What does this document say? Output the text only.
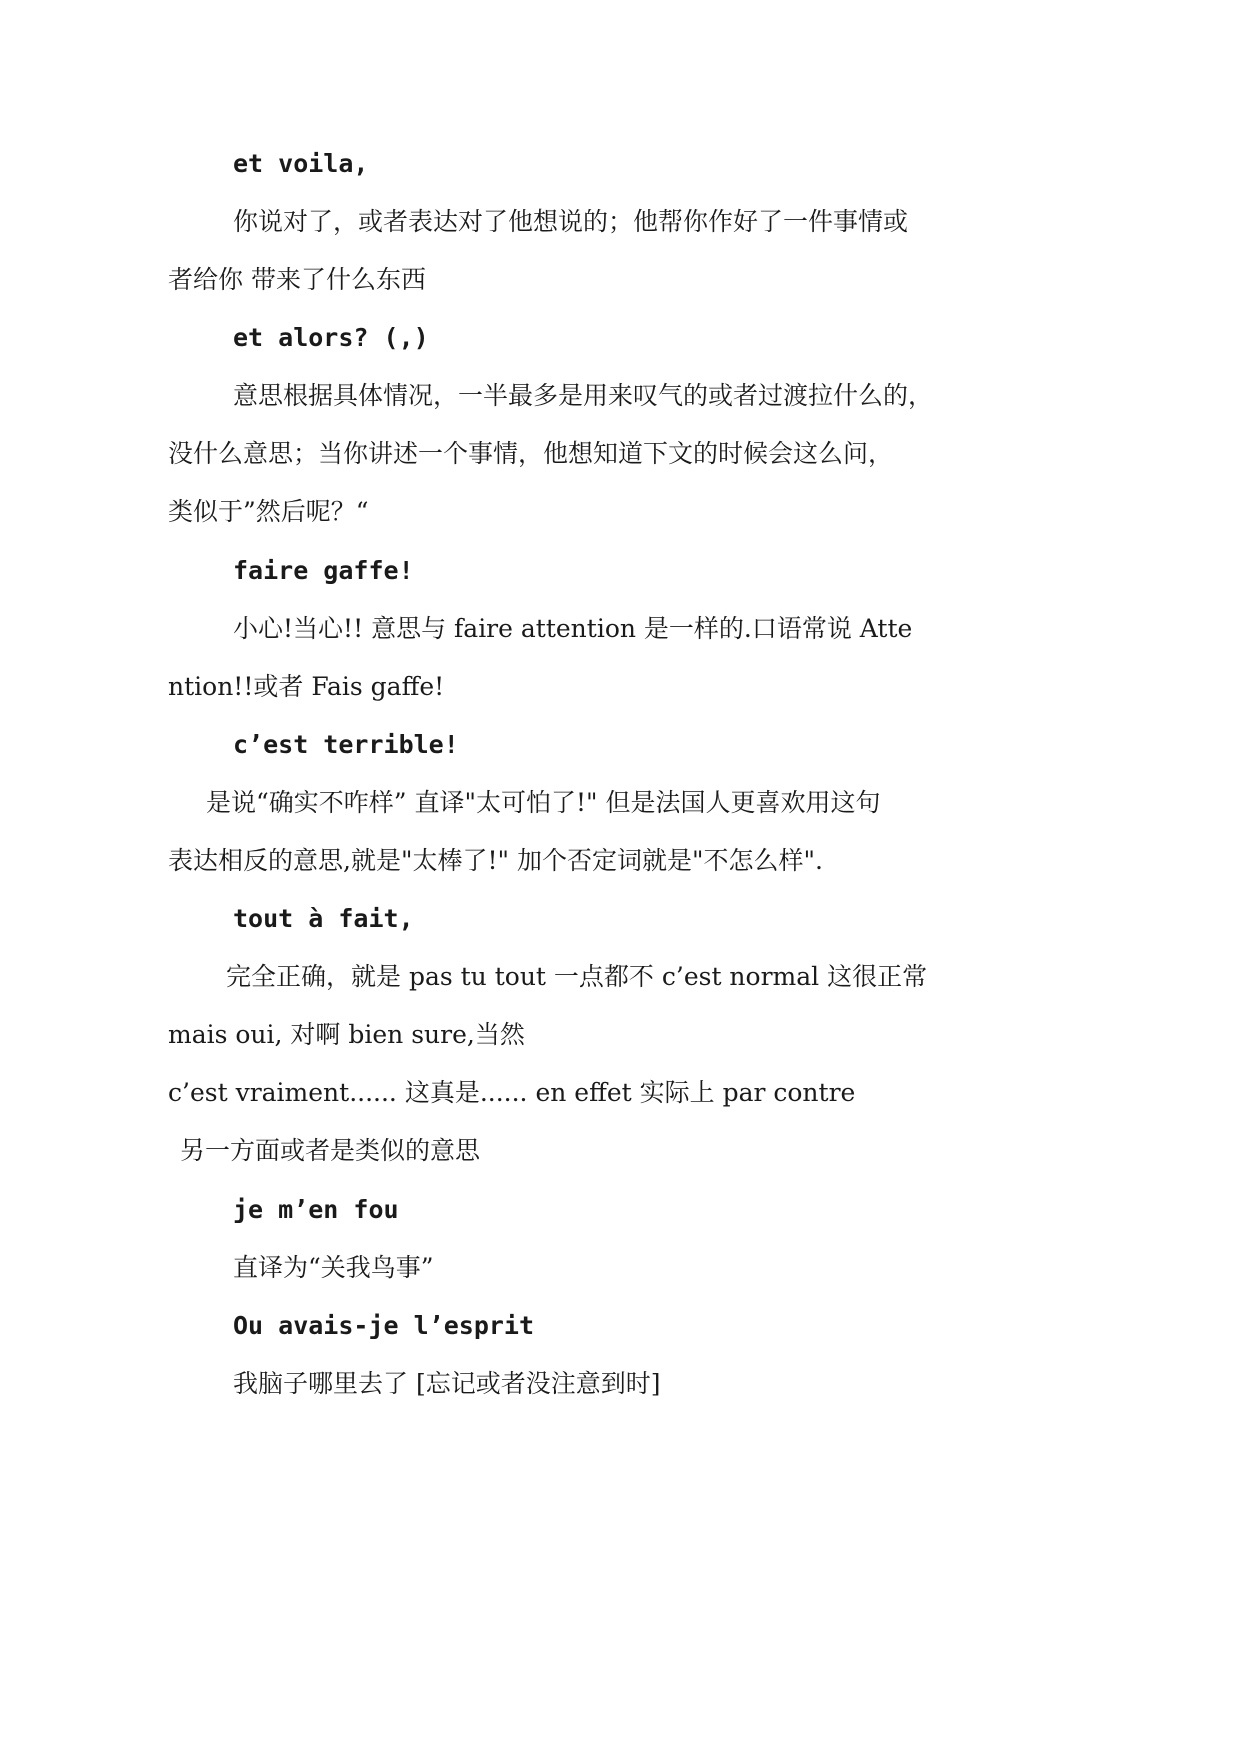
et voila,
你说对了，或者表达对了他想说的；他帮你作好了一件事情或
者给你 带来了什么东西
et alors? (,)
意思根据具体情况，一半最多是用来叹气的或者过渡拉什么的，
没什么意思；当你讲述一个事情，他想知道下文的时候会这么问，
类似于”然后呢？“
faire gaffe!
小心!当心!! 意思与 faire attention 是一样的.口语常说 Atte
ntion!!或者 Fais gaffe!
c’est terrible!
是说“确实不咋样” 直译"太可怕了!" 但是法国人更喜欢用这句
表达相反的意思,就是"太棒了!" 加个否定词就是"不怎么样".
tout à fait,
完全正确，就是 pas tu tout 一点都不 c’est normal 这很正常
mais oui, 对啊 bien sure,当然
c’est vraiment...... 这真是...... en effet 实际上 par contre
另一方面或者是类似的意思
je m’en fou
直译为“关我鸟事”
Ou avais-je l’esprit
我脑子哪里去了 [忘记或者没注意到时]
